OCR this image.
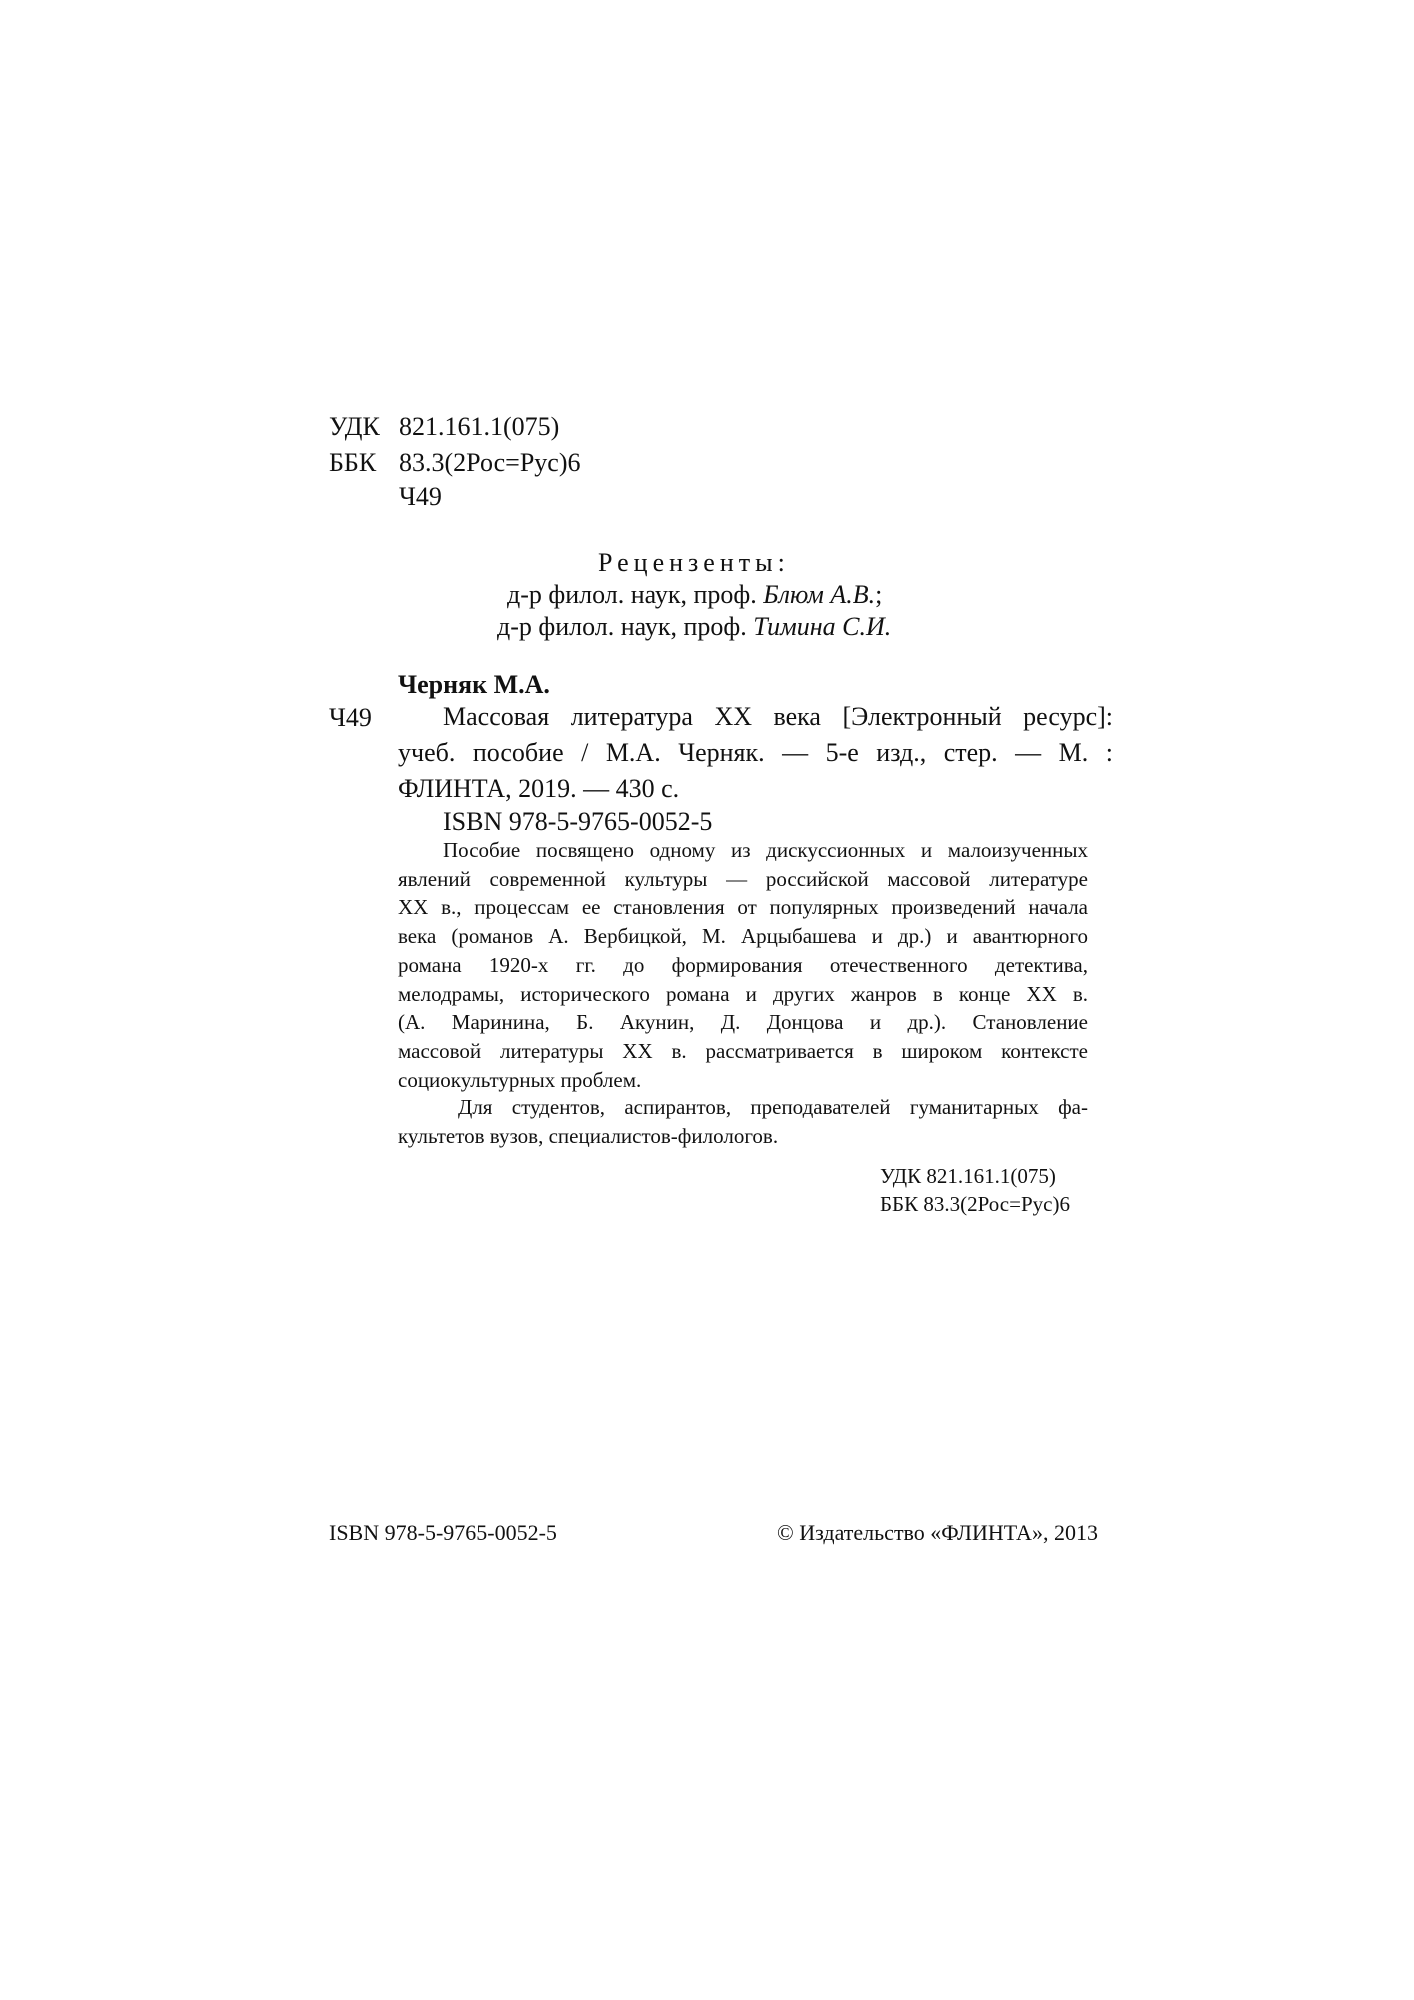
УДК 821.161.1(075)
ББК 83.3(2Рос=Рус)6
Ч49
Рецензенты:
д-р филол. наук, проф. Блюм А.В.;
д-р филол. наук, проф. Тимина С.И.
Черняк М.А.
Ч49	Массовая литература XX века [Электронный ресурс]:
учеб. пособие / М.А. Черняк. — 5-е изд., стер. — М. :
ФЛИНТА, 2019. — 430 с.
ISBN 978-5-9765-0052-5
Пособие посвящено одному из дискуссионных и малоизученных
явлений современной культуры — российской массовой литературе
XX в., процессам ее становления от популярных произведений начала
века (романов А. Вербицкой, М. Арцыбашева и др.) и авантюрного
романа 1920-х гг. до формирования отечественного детектива,
мелодрамы, исторического романа и других жанров в конце XX в.
(А. Маринина, Б. Акунин, Д. Донцова и др.). Становление
массовой литературы XX в. рассматривается в широком контексте
социокультурных проблем.
Для студентов, аспирантов, преподавателей гуманитарных фа-
культетов вузов, специалистов-филологов.
УДК 821.161.1(075)
ББК 83.3(2Рос=Рус)6
ISBN 978-5-9765-0052-5	© Издательство «ФЛИНТА», 2013
